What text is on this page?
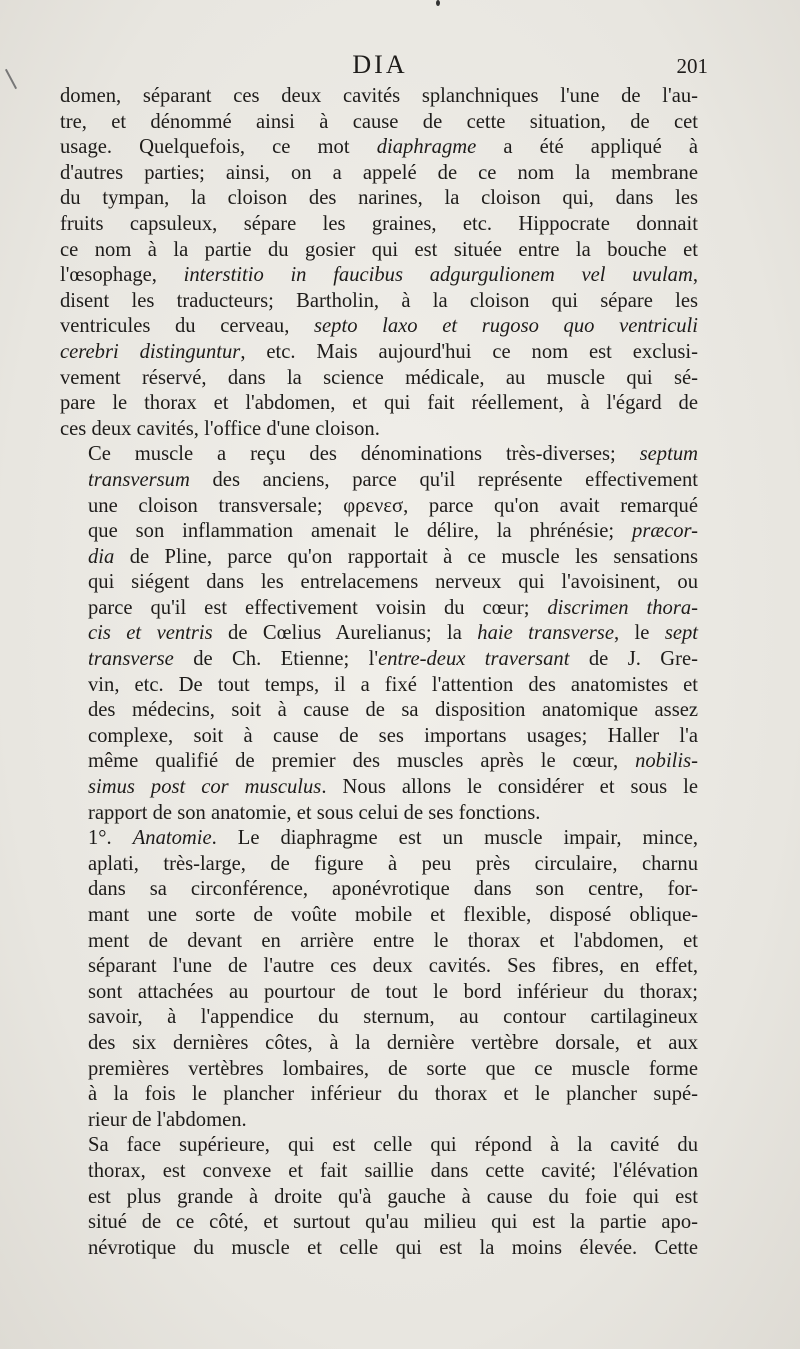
DIA	201
domen, séparant ces deux cavités splanchniques l'une de l'au-
tre, et dénommé ainsi à cause de cette situation, de cet
usage. Quelquefois, ce mot diaphragme a été appliqué à
d'autres parties; ainsi, on a appelé de ce nom la membrane
du tympan, la cloison des narines, la cloison qui, dans les
fruits capsuleux, sépare les graines, etc. Hippocrate donnait
ce nom à la partie du gosier qui est située entre la bouche et
l'œsophage, interstitio in faucibus adgurgulionem vel uvulam,
disent les traducteurs; Bartholin, à la cloison qui sépare les
ventricules du cerveau, septo laxo et rugoso quo ventriculi
cerebri distinguntur, etc. Mais aujourd'hui ce nom est exclusi-
vement réservé, dans la science médicale, au muscle qui sé-
pare le thorax et l'abdomen, et qui fait réellement, à l'égard de
ces deux cavités, l'office d'une cloison.
Ce muscle a reçu des dénominations très-diverses; septum
transversum des anciens, parce qu'il représente effectivement
une cloison transversale; φρενεσ, parce qu'on avait remarqué
que son inflammation amenait le délire, la phrénésie; præcor-
dia de Pline, parce qu'on rapportait à ce muscle les sensations
qui siégent dans les entrelacemens nerveux qui l'avoisinent, ou
parce qu'il est effectivement voisin du cœur; discrimen thora-
cis et ventris de Cœlius Aurelianus; la haie transverse, le sept
transverse de Ch. Etienne; l'entre-deux traversant de J. Gre-
vin, etc. De tout temps, il a fixé l'attention des anatomistes et
des médecins, soit à cause de sa disposition anatomique assez
complexe, soit à cause de ses importans usages; Haller l'a
même qualifié de premier des muscles après le cœur, nobilis-
simus post cor musculus. Nous allons le considérer et sous le
rapport de son anatomie, et sous celui de ses fonctions.
1°. Anatomie. Le diaphragme est un muscle impair, mince,
aplati, très-large, de figure à peu près circulaire, charnu
dans sa circonférence, aponévrotique dans son centre, for-
mant une sorte de voûte mobile et flexible, disposé oblique-
ment de devant en arrière entre le thorax et l'abdomen, et
séparant l'une de l'autre ces deux cavités. Ses fibres, en effet,
sont attachées au pourtour de tout le bord inférieur du thorax;
savoir, à l'appendice du sternum, au contour cartilagineux
des six dernières côtes, à la dernière vertèbre dorsale, et aux
premières vertèbres lombaires, de sorte que ce muscle forme
à la fois le plancher inférieur du thorax et le plancher supé-
rieur de l'abdomen.
Sa face supérieure, qui est celle qui répond à la cavité du
thorax, est convexe et fait saillie dans cette cavité; l'élévation
est plus grande à droite qu'à gauche à cause du foie qui est
situé de ce côté, et surtout qu'au milieu qui est la partie apo-
névrotique du muscle et celle qui est la moins élevée. Cette
